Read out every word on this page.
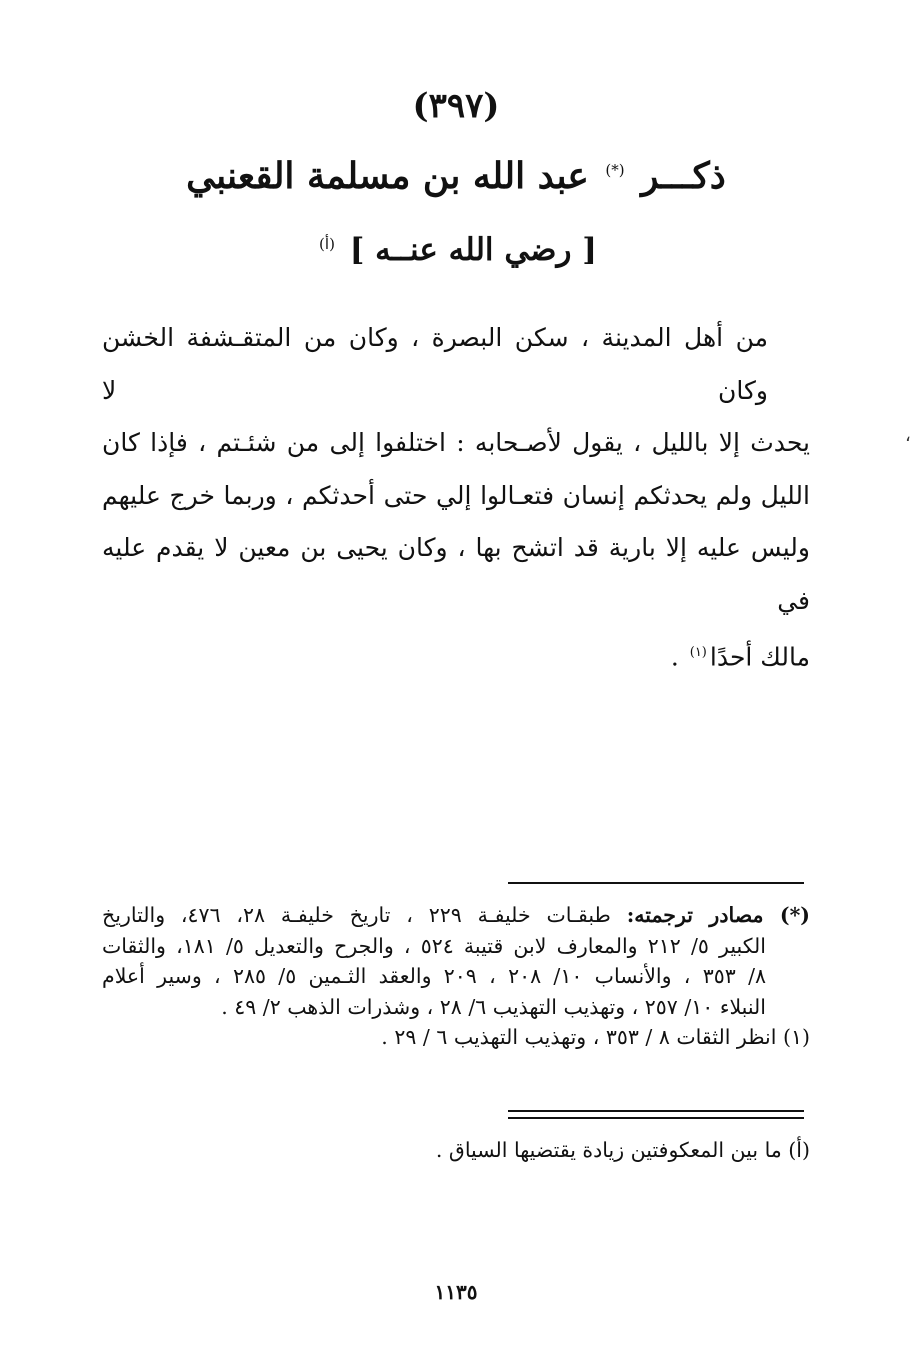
(٣٩٧)
ذكـــر (*) عبد الله بن مسلمة القعنبي
[ رضي الله عنــه ] $^{(أ)}$
من أهل المدينة ، سكن البصرة ، وكان من المتقـشفة الخشن وكان لا
يحدث إلا بالليل ، يقول لأصـحابه : اختلفوا إلى من شئـتم ، فإذا كان
الليل ولم يحدثكم إنسان فتعـالوا إلي حتى أحدثكم ، وربما خرج عليهم
وليس عليه إلا بارية قد اتشح بها ، وكان يحيى بن معين لا يقدم عليه في
مالك أحدًا$^{(١)}$ .
،
(*) مصادر ترجمته: طبقـات خليفـة ٢٢٩ ، تاريخ خليفـة ٢٨، ٤٧٦، والتاريخ
الكبير ٥/ ٢١٢ والمعارف لابن قتيبة ٥٢٤ ، والجرح والتعديل ٥/ ١٨١، والثقات
٨/ ٣٥٣ ، والأنساب ١٠/ ٢٠٨ ، ٢٠٩ والعقد الثـمين ٥/ ٢٨٥ ، وسير أعلام
النبلاء ١٠/ ٢٥٧ ، وتهذيب التهذيب ٦/ ٢٨ ، وشذرات الذهب ٢/ ٤٩ .
(١) انظر الثقات ٨ / ٣٥٣ ، وتهذيب التهذيب ٦ / ٢٩ .
(أ) ما بين المعكوفتين زيادة يقتضيها السياق .
١١٣٥
